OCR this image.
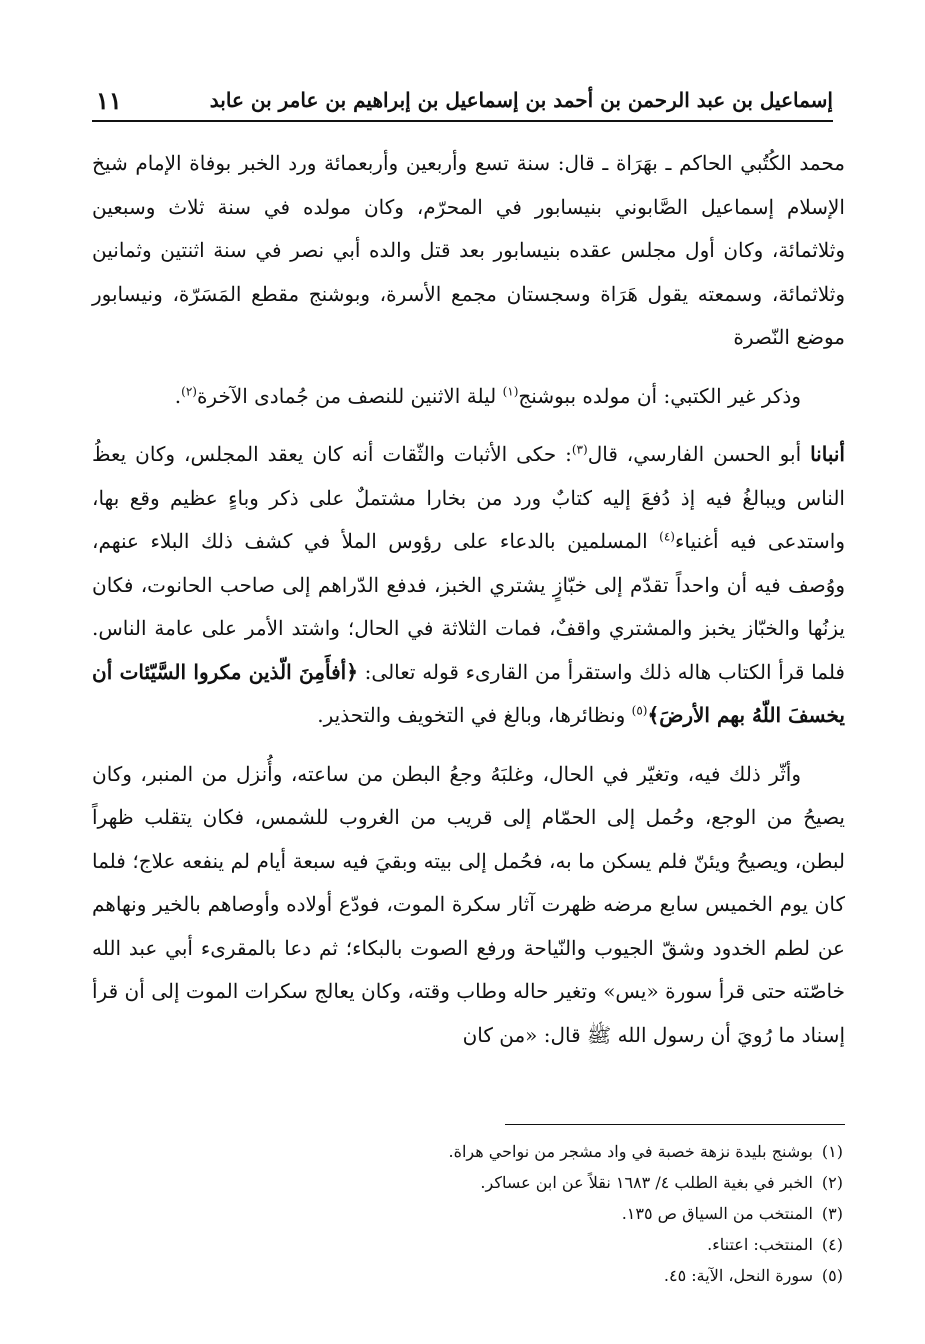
١١	إسماعيل بن عبد الرحمن بن أحمد بن إسماعيل بن إبراهيم بن عامر بن عابد

محمد الكُتُبي الحاكم ـ بهَرَاة ـ قال: سنة تسع وأربعين وأربعمائة ورد الخبر بوفاة الإمام شيخ الإسلام إسماعيل الصَّابوني بنيسابور في المحرّم، وكان مولده في سنة ثلاث وسبعين وثلاثمائة، وكان أول مجلس عقده بنيسابور بعد قتل والده أبي نصر في سنة اثنتين وثمانين وثلاثمائة، وسمعته يقول هَرَاة وسجستان مجمع الأسرة، وبوشنج مقطع المَسَرّة، ونيسابور موضع النّصرة

وذكر غير الكتبي: أن مولده ببوشنج$^{(١)}$ ليلة الاثنين للنصف من جُمادى الآخرة$^{(٢)}$.

أنبانا أبو الحسن الفارسي، قال$^{(٣)}$: حكى الأثبات والثّقات أنه كان يعقد المجلس، وكان يعظُ الناس ويبالغُ فيه إذ دُفعَ إليه كتابٌ ورد من بخارا مشتملٌ على ذكر وباءٍ عظيم وقع بها، واستدعى فيه أغنياء$^{(٤)}$ المسلمين بالدعاء على رؤوس الملأ في كشف ذلك البلاء عنهم، ووُصف فيه أن واحداً تقدّم إلى خبّازٍ يشتري الخبز، فدفع الدّراهم إلى صاحب الحانوت، فكان يزنُها والخبّاز يخبز والمشتري واقفٌ، فمات الثلاثة في الحال؛ واشتد الأمر على عامة الناس. فلما قرأ الكتاب هاله ذلك واستقرأ من القارىء قوله تعالى: ﴿أفأَمِنَ الّذين مكروا السَّيّئات أن يخسفَ اللّهُ بهم الأرضَ﴾$^{(٥)}$ ونظائرها، وبالغ في التخويف والتحذير.

وأثّر ذلك فيه، وتغيّر في الحال، وغلبَهُ وجعُ البطن من ساعته، وأُنزل من المنبر، وكان يصيحُ من الوجع، وحُمل إلى الحمّام إلى قريب من الغروب للشمس، فكان يتقلب ظهراً لبطن، ويصيحُ ويئنّ فلم يسكن ما به، فحُمل إلى بيته وبقيَ فيه سبعة أيام لم ينفعه علاج؛ فلما كان يوم الخميس سابع مرضه ظهرت آثار سكرة الموت، فودّع أولاده وأوصاهم بالخير ونهاهم عن لطم الخدود وشقّ الجيوب والنّياحة ورفع الصوت بالبكاء؛ ثم دعا بالمقرىء أبي عبد الله خاصّته حتى قرأ سورة «يس» وتغير حاله وطاب وقته، وكان يعالج سكرات الموت إلى أن قرأ إسناد ما رُويَ أن رسول الله ﷺ قال: «من كان

(١)بوشنج بليدة نزهة خصبة في واد مشجر من نواحي هراة.
(٢)الخبر في بغية الطلب ٤/ ١٦٨٣ نقلاً عن ابن عساكر.
(٣)المنتخب من السياق ص ١٣٥.
(٤)المنتخب: اعتناء.
(٥)سورة النحل، الآية: ٤٥.
